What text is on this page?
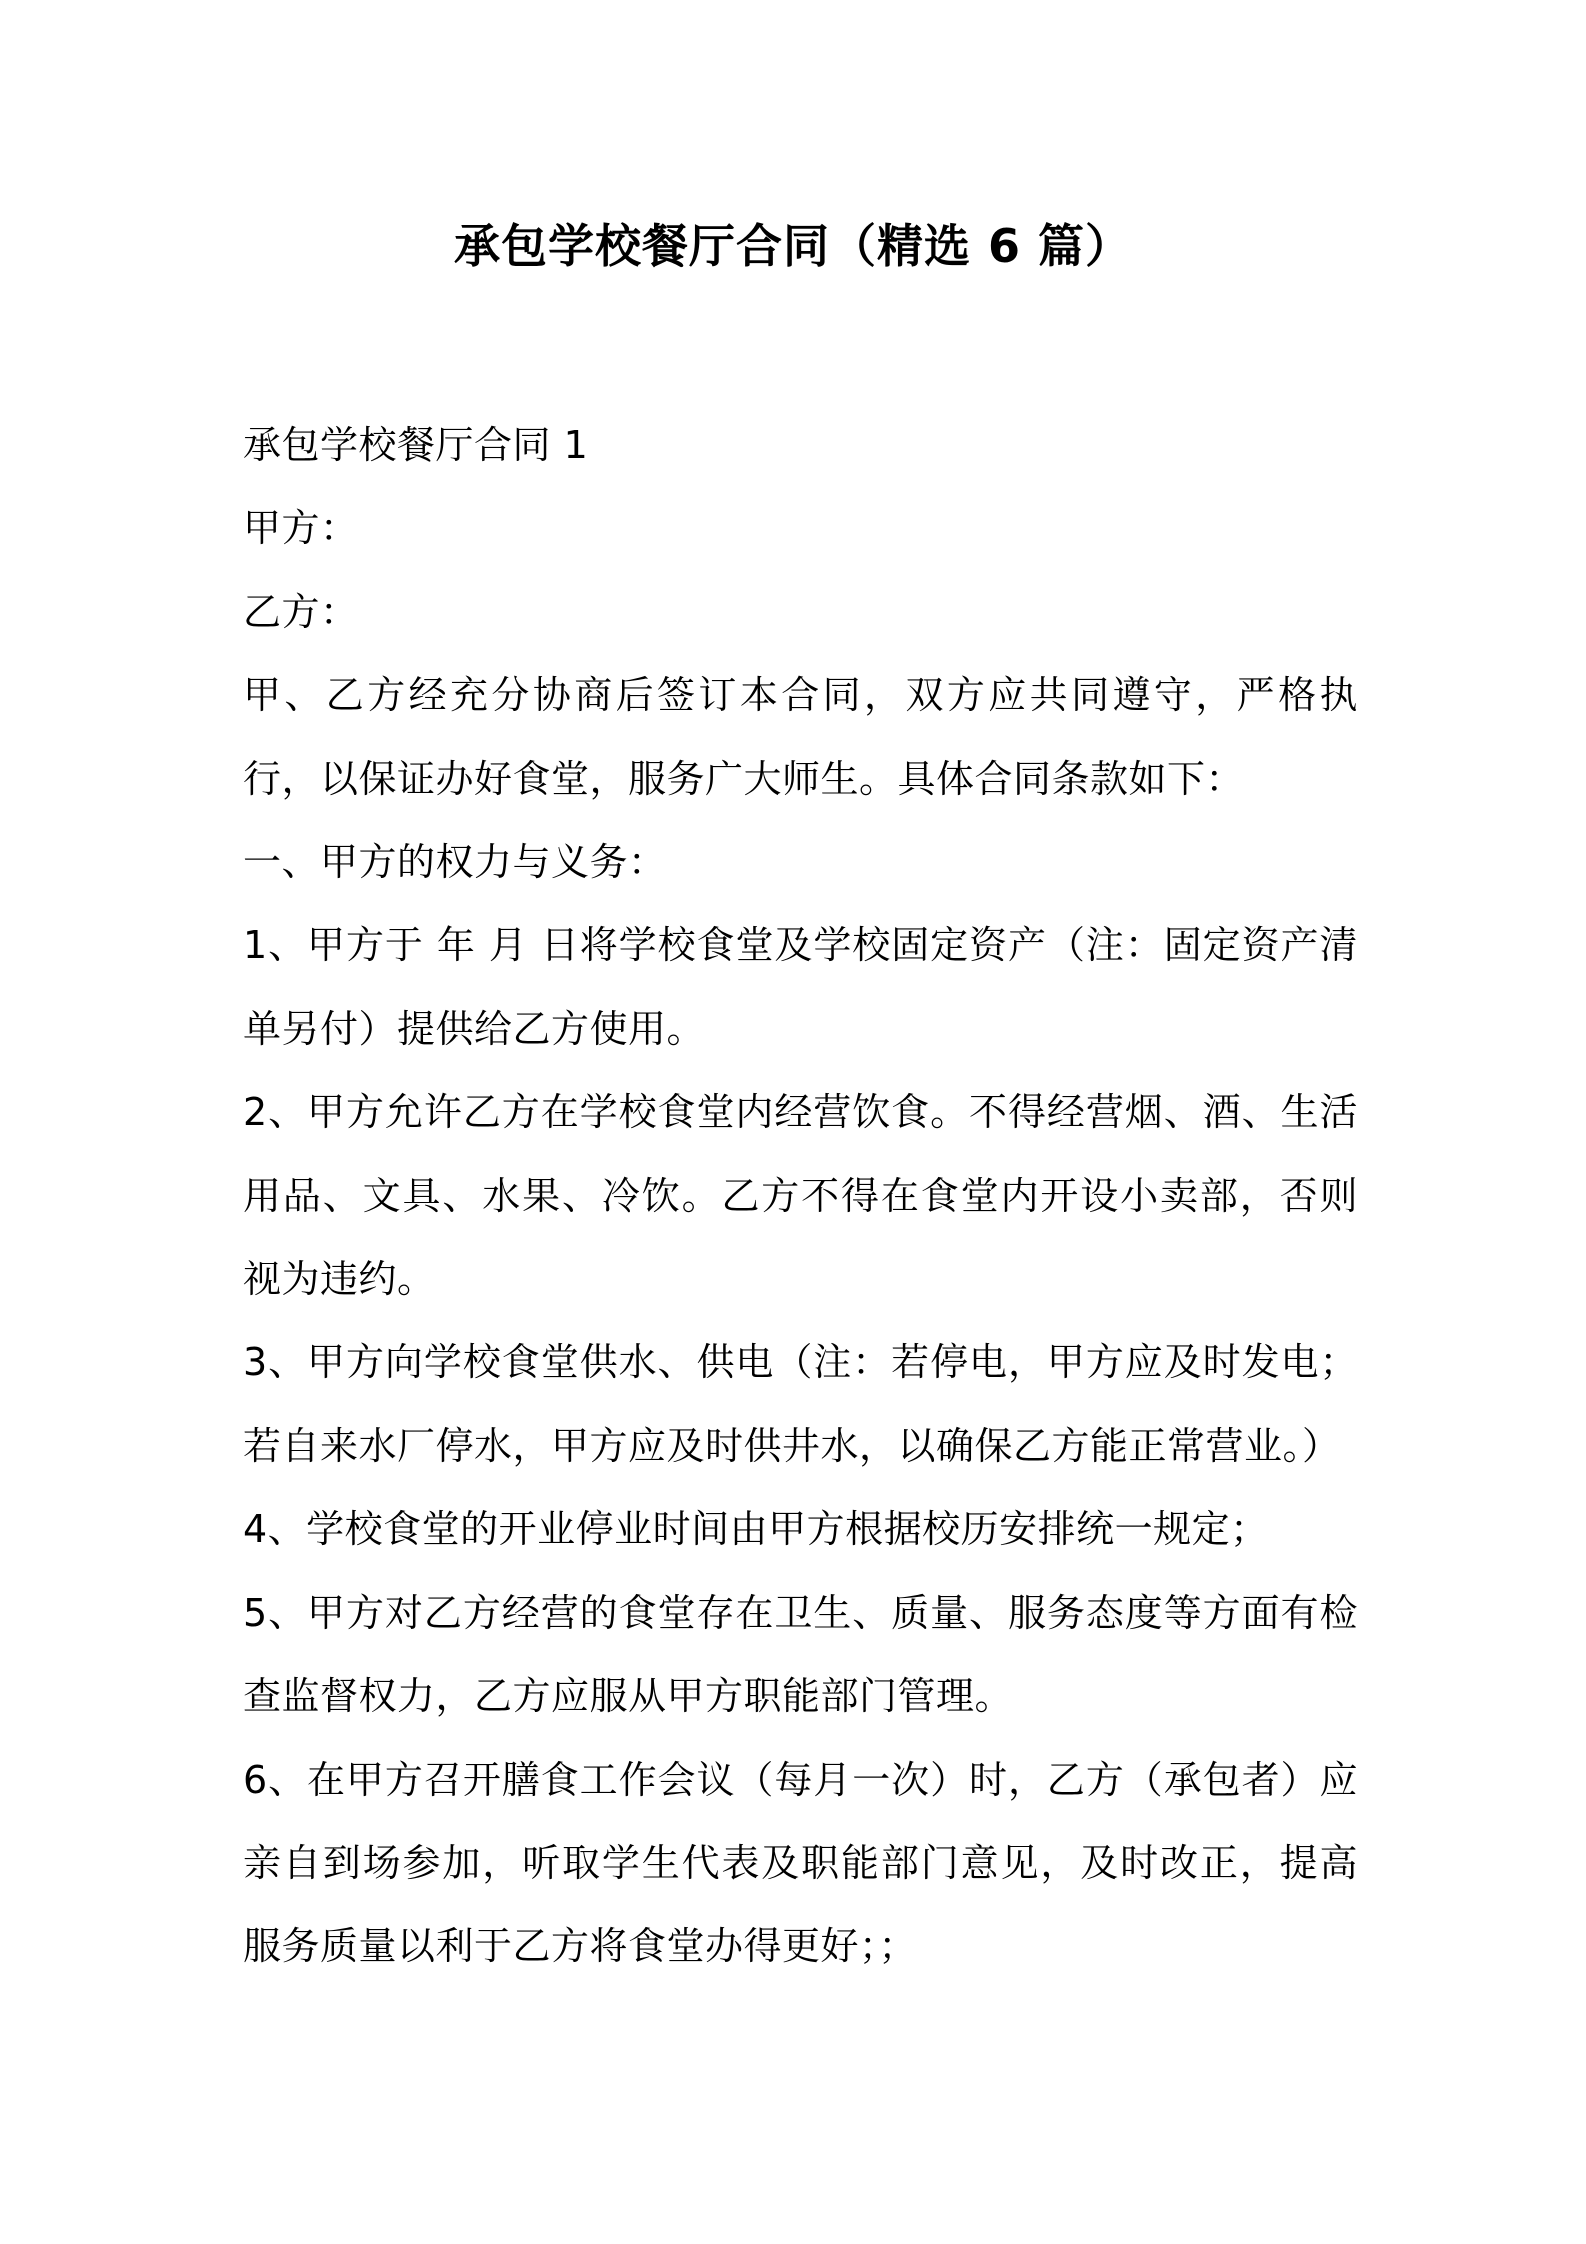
承包学校餐厅合同（精选 6 篇）

承包学校餐厅合同 1

甲方：

乙方：

甲、乙方经充分协商后签订本合同，双方应共同遵守，严格执行，以保证办好食堂，服务广大师生。具体合同条款如下：

一、甲方的权力与义务：

1、甲方于 年 月 日将学校食堂及学校固定资产（注：固定资产清单另付）提供给乙方使用。

2、甲方允许乙方在学校食堂内经营饮食。不得经营烟、酒、生活用品、文具、水果、冷饮。乙方不得在食堂内开设小卖部，否则视为违约。

3、甲方向学校食堂供水、供电（注：若停电，甲方应及时发电；若自来水厂停水，甲方应及时供井水，以确保乙方能正常营业。）

4、学校食堂的开业停业时间由甲方根据校历安排统一规定；

5、甲方对乙方经营的食堂存在卫生、质量、服务态度等方面有检查监督权力，乙方应服从甲方职能部门管理。

6、在甲方召开膳食工作会议（每月一次）时，乙方（承包者）应亲自到场参加，听取学生代表及职能部门意见，及时改正，提高服务质量以利于乙方将食堂办得更好；；
